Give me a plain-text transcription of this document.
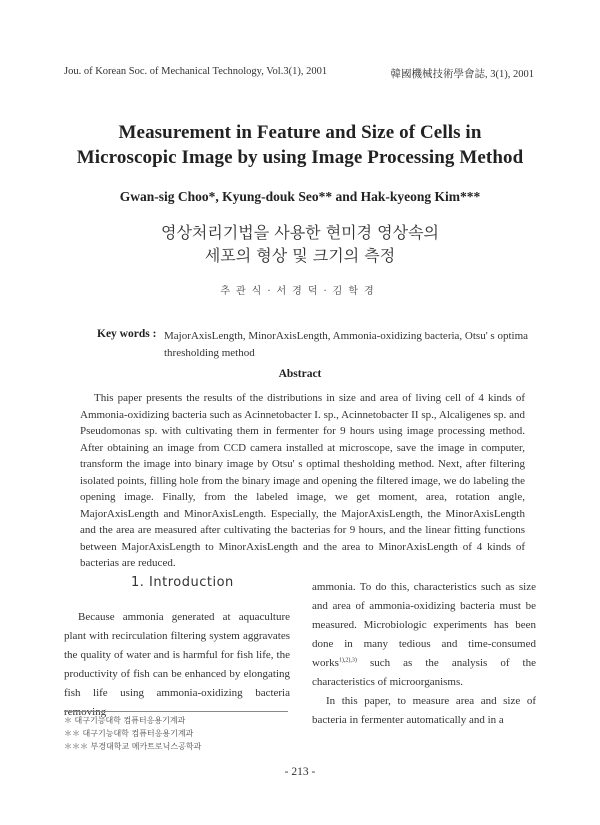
Jou. of Korean Soc. of Mechanical Technology, Vol.3(1), 2001	韓國機械技術學會誌, 3(1), 2001
Measurement in Feature and Size of Cells in
Microscopic Image by using Image Processing Method
Gwan-sig Choo*, Kyung-douk Seo** and Hak-kyeong Kim***
영상처리기법을 사용한 현미경 영상속의
세포의 형상 및 크기의 측정
추관식·서경덕·김학경
Key words : MajorAxisLength, MinorAxisLength, Ammonia-oxidizing bacteria, Otsu' s optima thresholding method
Abstract

This paper presents the results of the distributions in size and area of living cell of 4 kinds of Ammonia-oxidizing bacteria such as Acinnetobacter I. sp., Acinnetobacter II sp., Alcaligenes sp. and Pseudomonas sp. with cultivating them in fermenter for 9 hours using image processing method. After obtaining an image from CCD camera installed at microscope, save the image in computer, transform the image into binary image by Otsu' s optimal thesholding method. Next, after filtering isolated points, filling hole from the binary image and opening the filtered image, we do labeling the opening image. Finally, from the labeled image, we get moment, area, rotation angle, MajorAxisLength and MinorAxisLength. Especially, the MajorAxisLength, the MinorAxisLength and the area are measured after cultivating the bacterias for 9 hours, and the linear fitting functions between MajorAxisLength to MinorAxisLength and the area to MinorAxisLength of 4 kinds of bacterias are reduced.

1. Introduction

Because ammonia generated at aquaculture plant with recirculation filtering system aggravates the quality of water and is harmful for fish life, the productivity of fish can be enhanced by elongating fish life using ammonia-oxidizing bacteria removing

ammonia. To do this, characteristics such as size and area of ammonia-oxidizing bacteria must be measured. Microbiologic experiments has been done in many tedious and time-consumed works$^{1),2),3)}$ such as the analysis of the characteristics of microorganisms.

In this paper, to measure area and size of bacteria in fermenter automatically and in a

＊ 대구기능대학 컴퓨터응용기계과
＊＊ 대구기능대학 컴퓨터응용기계과
＊＊＊ 부경대학교 메카트로닉스공학과
- 213 -
